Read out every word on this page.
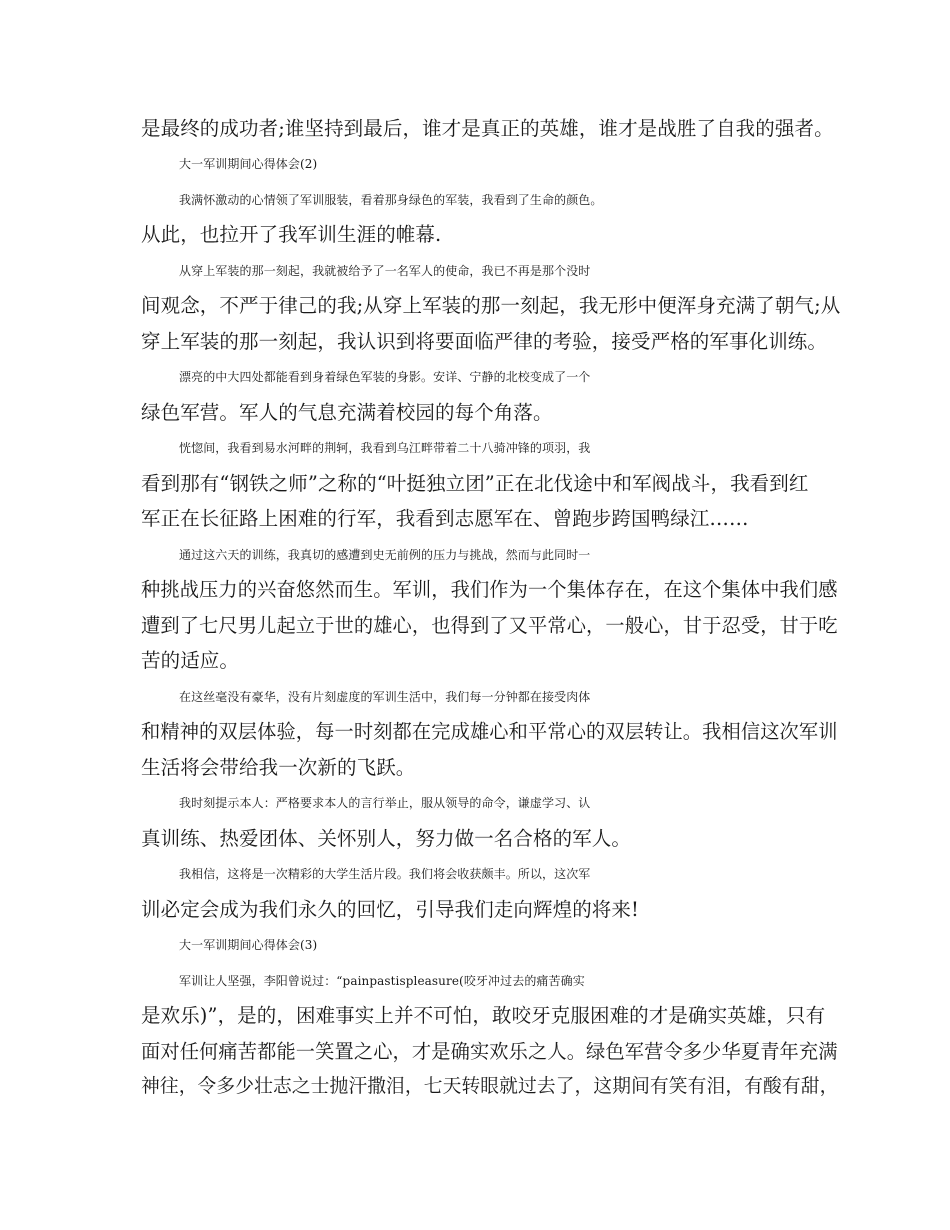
是最终的成功者;谁坚持到最后，谁才是真正的英雄，谁才是战胜了自我的强者。
大一军训期间心得体会(2)
我满怀激动的心情领了军训服装，看着那身绿色的军装，我看到了生命的颜色。
从此，也拉开了我军训生涯的帷幕.
从穿上军装的那一刻起，我就被给予了一名军人的使命，我已不再是那个没时
间观念，不严于律己的我;从穿上军装的那一刻起，我无形中便浑身充满了朝气;从
穿上军装的那一刻起，我认识到将要面临严律的考验，接受严格的军事化训练。
漂亮的中大四处都能看到身着绿色军装的身影。安详、宁静的北校变成了一个
绿色军营。军人的气息充满着校园的每个角落。
恍惚间，我看到易水河畔的荆轲，我看到乌江畔带着二十八骑冲锋的项羽，我
看到那有“钢铁之师”之称的“叶挺独立团”正在北伐途中和军阀战斗，我看到红
军正在长征路上困难的行军，我看到志愿军在、曾跑步跨国鸭绿江……
通过这六天的训练，我真切的感遭到史无前例的压力与挑战，然而与此同时一
种挑战压力的兴奋悠然而生。军训，我们作为一个集体存在，在这个集体中我们感
遭到了七尺男儿起立于世的雄心，也得到了又平常心，一般心，甘于忍受，甘于吃
苦的适应。
在这丝毫没有豪华，没有片刻虚度的军训生活中，我们每一分钟都在接受肉体
和精神的双层体验，每一时刻都在完成雄心和平常心的双层转让。我相信这次军训
生活将会带给我一次新的飞跃。
我时刻提示本人：严格要求本人的言行举止，服从领导的命令，谦虚学习、认
真训练、热爱团体、关怀别人，努力做一名合格的军人。
我相信，这将是一次精彩的大学生活片段。我们将会收获颇丰。所以，这次军
训必定会成为我们永久的回忆，引导我们走向辉煌的将来!
大一军训期间心得体会(3)
军训让人坚强，李阳曾说过：“painpastispleasure(咬牙冲过去的痛苦确实
是欢乐)”，是的，困难事实上并不可怕，敢咬牙克服困难的才是确实英雄，只有
面对任何痛苦都能一笑置之心，才是确实欢乐之人。绿色军营令多少华夏青年充满
神往，令多少壮志之士抛汗撒泪，七天转眼就过去了，这期间有笑有泪，有酸有甜，
